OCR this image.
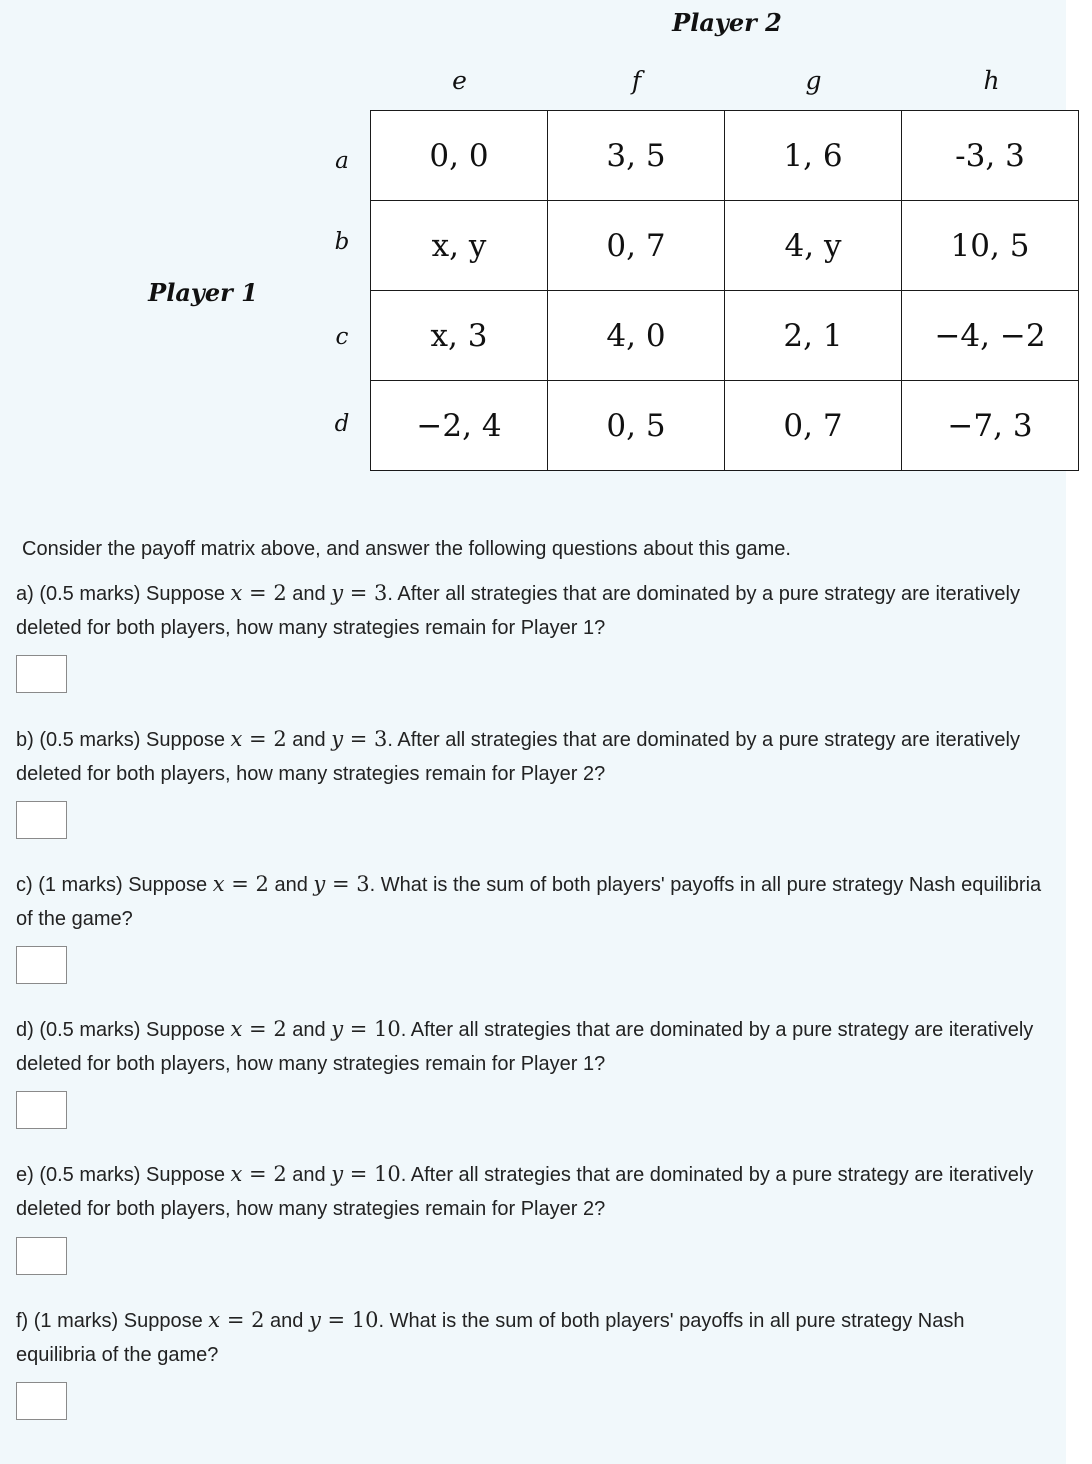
Player 2
Player 1
e	f	g	h
a
b
c
d
0, 0	3, 5	1, 6	-3, 3
x, y	0, 7	4, y	10, 5
x, 3	4, 0	2, 1	−4, −2
−2, 4	0, 5	0, 7	−7, 3
Consider the payoff matrix above, and answer the following questions about this game.
a) (0.5 marks) Suppose x = 2 and y = 3. After all strategies that are dominated by a pure strategy are iteratively deleted for both players, how many strategies remain for Player 1?
b) (0.5 marks) Suppose x = 2 and y = 3. After all strategies that are dominated by a pure strategy are iteratively deleted for both players, how many strategies remain for Player 2?
c) (1 marks) Suppose x = 2 and y = 3. What is the sum of both players' payoffs in all pure strategy Nash equilibria of the game?
d) (0.5 marks) Suppose x = 2 and y = 10. After all strategies that are dominated by a pure strategy are iteratively deleted for both players, how many strategies remain for Player 1?
e) (0.5 marks) Suppose x = 2 and y = 10. After all strategies that are dominated by a pure strategy are iteratively deleted for both players, how many strategies remain for Player 2?
f) (1 marks) Suppose x = 2 and y = 10. What is the sum of both players' payoffs in all pure strategy Nash equilibria of the game?
